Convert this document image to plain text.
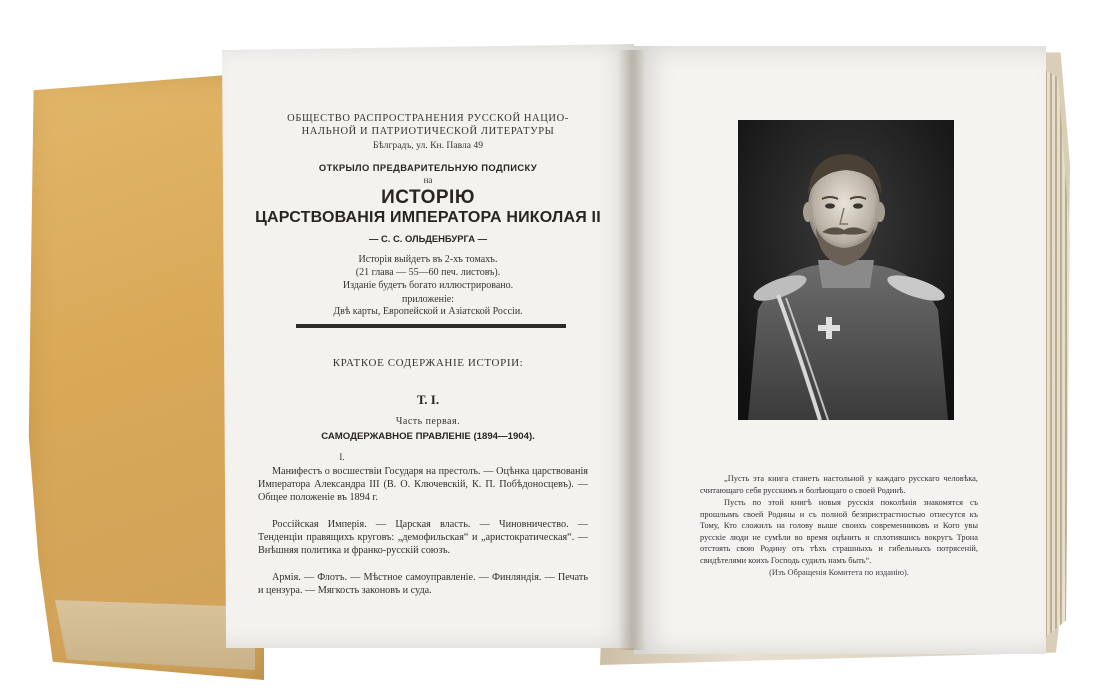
ОБЩЕСТВО РАСПРОСТРАНЕНИЯ РУССКОЙ НАЦИО-
НАЛЬНОЙ И ПАТРИОТИЧЕСКОЙ ЛИТЕРАТУРЫ
Бѣлградъ, ул. Кн. Павла 49
ОТКРЫЛО ПРЕДВАРИТЕЛЬНУЮ ПОДПИСКУ
на
ИСТОРІЮ
ЦАРСТВОВАНІЯ ИМПЕРАТОРА НИКОЛАЯ II
— С. С. ОЛЬДЕНБУРГА —
Исторія выйдетъ въ 2-хъ томахъ.
(21 глава — 55—60 печ. листовъ).
Изданіе будетъ богато иллюстрировано.
приложеніе:
Двѣ карты, Европейской и Азіатской Россіи.
КРАТКОЕ СОДЕРЖАНІЕ ИСТОРІИ:
Т. I.
Часть первая.
САМОДЕРЖАВНОЕ ПРАВЛЕНІЕ (1894—1904).
I.
Манифестъ о восшествіи Государя на престолъ. — Оцѣнка царствованія Императора Александра III (В. О. Ключевскій, К. П. Побѣдоносцевъ). — Общее положеніе въ 1894 г.
Россійская Имперія. — Царская власть. — Чиновничество. — Тенденціи правящихъ круговъ: „демофильская“ и „аристократическая“. — Внѣшняя политика и франко-русскій союзъ.
Армія. — Флотъ. — Мѣстное самоуправленіе. — Финляндія. — Печать и цензура. — Мягкость законовъ и суда.
„Пусть эта книга станетъ настольной у каждаго русскаго человѣка, считающаго себя русскимъ и болѣющаго о своей Родинѣ.
Пусть по этой книгѣ новыя русскія поколѣнія знакомятся съ прошлымъ своей Родины и съ полной безпристрастностью отнесутся къ Тому, Кто сложилъ на голову выше своихъ современниковъ и Кого увы русскіе люди не сумѣли во время оцѣнить и сплотившись вокругъ Трона отстоять свою Родину отъ тѣхъ страшныхъ и гибельныхъ потрясеній, свидѣтелями коихъ Господь судилъ намъ быть“.
(Изъ Обращенія Комитета по изданію).
